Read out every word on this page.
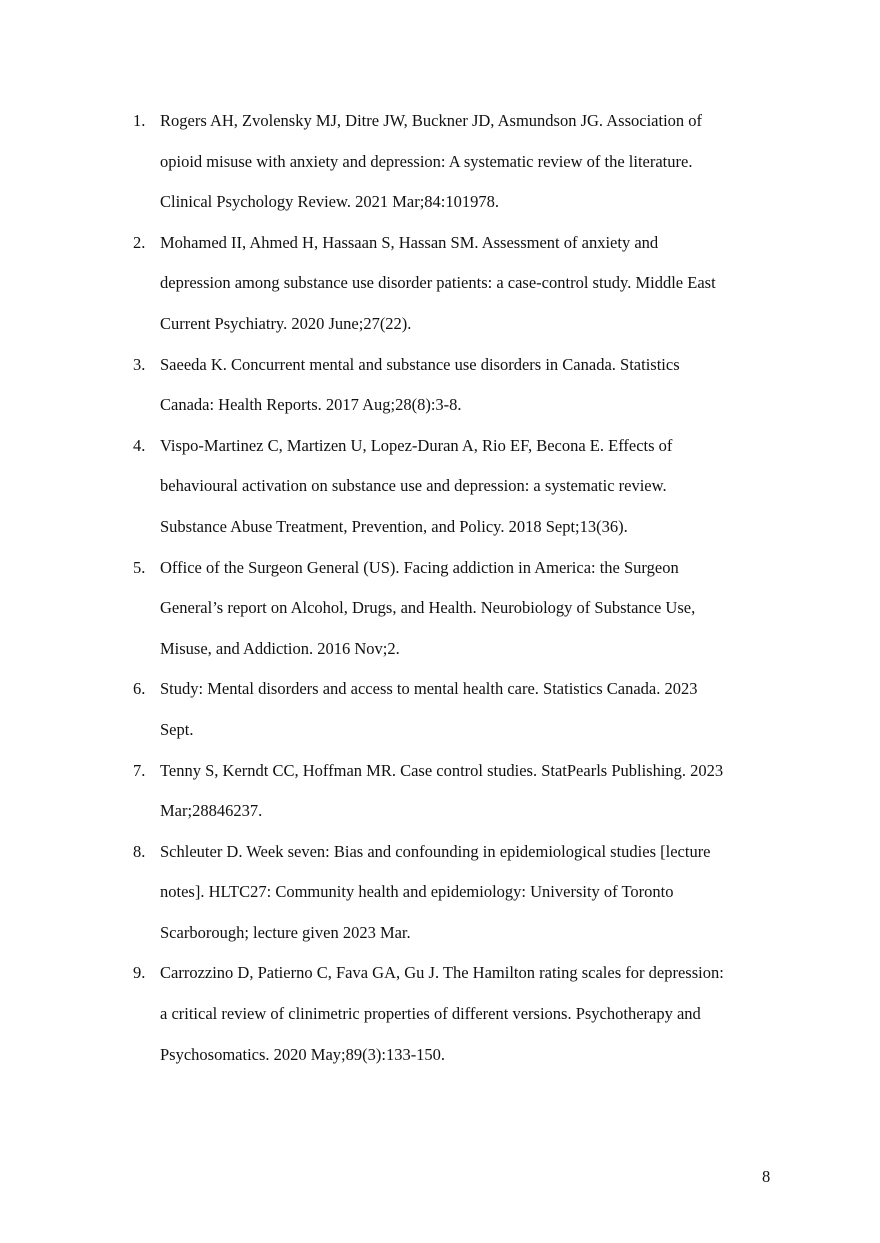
1. Rogers AH, Zvolensky MJ, Ditre JW, Buckner JD, Asmundson JG. Association of
opioid misuse with anxiety and depression: A systematic review of the literature.
Clinical Psychology Review. 2021 Mar;84:101978.
2. Mohamed II, Ahmed H, Hassaan S, Hassan SM. Assessment of anxiety and
depression among substance use disorder patients: a case-control study. Middle East
Current Psychiatry. 2020 June;27(22).
3. Saeeda K. Concurrent mental and substance use disorders in Canada. Statistics
Canada: Health Reports. 2017 Aug;28(8):3-8.
4. Vispo-Martinez C, Martizen U, Lopez-Duran A, Rio EF, Becona E. Effects of
behavioural activation on substance use and depression: a systematic review.
Substance Abuse Treatment, Prevention, and Policy. 2018 Sept;13(36).
5. Office of the Surgeon General (US). Facing addiction in America: the Surgeon
General’s report on Alcohol, Drugs, and Health. Neurobiology of Substance Use,
Misuse, and Addiction. 2016 Nov;2.
6. Study: Mental disorders and access to mental health care. Statistics Canada. 2023
Sept.
7. Tenny S, Kerndt CC, Hoffman MR. Case control studies. StatPearls Publishing. 2023
Mar;28846237.
8. Schleuter D. Week seven: Bias and confounding in epidemiological studies [lecture
notes]. HLTC27: Community health and epidemiology: University of Toronto
Scarborough; lecture given 2023 Mar.
9. Carrozzino D, Patierno C, Fava GA, Gu J. The Hamilton rating scales for depression:
a critical review of clinimetric properties of different versions. Psychotherapy and
Psychosomatics. 2020 May;89(3):133-150.
8
